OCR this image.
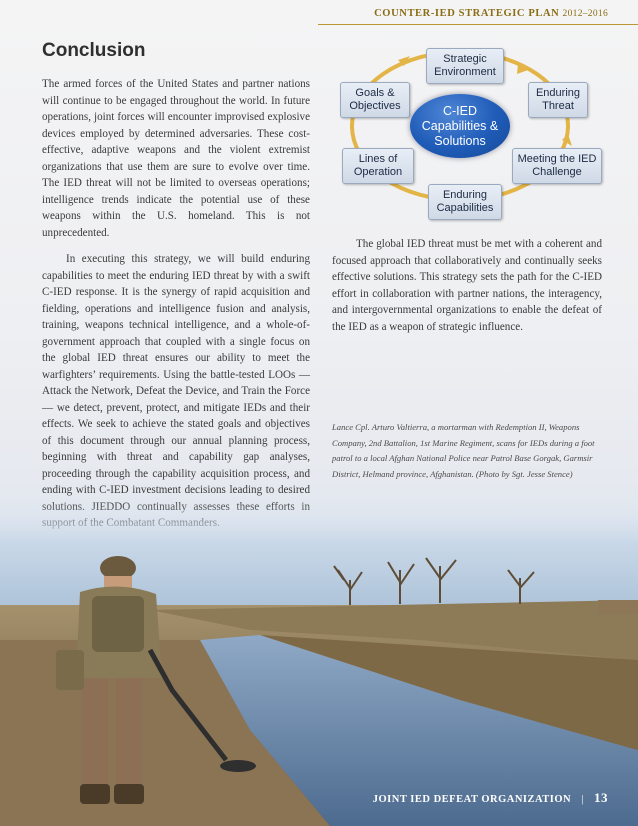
COUNTER-IED STRATEGIC PLAN 2012–2016
Conclusion

The armed forces of the United States and partner nations will continue to be engaged throughout the world. In future operations, joint forces will encounter improvised explosive devices employed by determined adversaries. These cost-effective, adaptive weapons and the violent extremist organizations that use them are sure to evolve over time. The IED threat will not be limited to overseas operations; intelligence trends indicate the potential use of these weapons within the U.S. homeland. This is not unprecedented.

In executing this strategy, we will build enduring capabilities to meet the enduring IED threat by with a swift C-IED response. It is the synergy of rapid acquisition and fielding, operations and intelligence fusion and analysis, training, weapons technical intelligence, and a whole-of-government approach that coupled with a single focus on the global IED threat ensures our ability to meet the warfighters’ requirements. Using the battle-tested LOOs — Attack the Network, Defeat the Device, and Train the Force — we detect, prevent, protect, and mitigate IEDs and their effects. We seek to achieve the stated goals and objectives of this document through our annual planning process, beginning with threat and capability gap analyses, proceeding through the capability acquisition process, and ending with C-IED investment decisions leading to desired

Strategic Environment
Enduring Threat
Meeting the IED Challenge
Enduring Capabilities
Lines of Operation
Goals & Objectives	C-IED Capabilities & Solutions

The global IED threat must be met with a coherent and focused approach that collaboratively and continually seeks effective solutions. This strategy sets the path for the C-IED effort in collaboration with partner nations, the interagency, and intergovernmental organizations to enable the defeat of the IED as a weapon of strategic influence.

Lance Cpl. Arturo Valtierra, a mortarman with Redemption II, Weapons Company, 2nd Battalion, 1st Marine Regiment, scans for IEDs during a foot patrol to a local Afghan National Police near Patrol Base Gorgak, Garmsir District, Helmand province, Afghanistan. (Photo by Sgt. Jesse Stence)
JOINT IED DEFEAT ORGANIZATION | 13
